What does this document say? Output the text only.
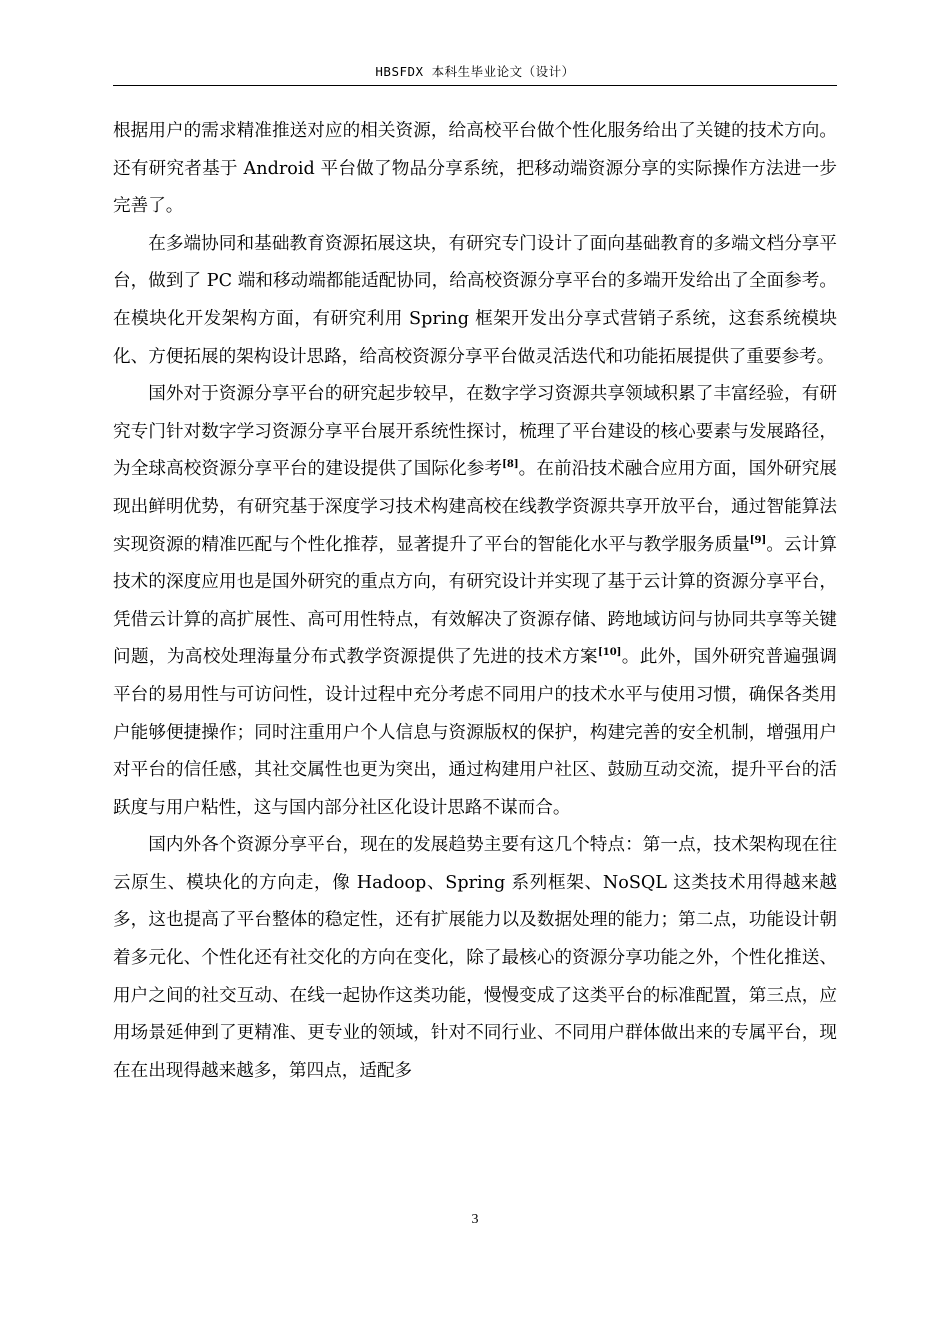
HBSFDX 本科生毕业论文（设计）

根据用户的需求精准推送对应的相关资源，给高校平台做个性化服务给出了关键的技术方向。还有研究者基于 Android 平台做了物品分享系统，把移动端资源分享的实际操作方法进一步完善了。

在多端协同和基础教育资源拓展这块，有研究专门设计了面向基础教育的多端文档分享平台，做到了 PC 端和移动端都能适配协同，给高校资源分享平台的多端开发给出了全面参考。在模块化开发架构方面，有研究利用 Spring 框架开发出分享式营销子系统，这套系统模块化、方便拓展的架构设计思路，给高校资源分享平台做灵活迭代和功能拓展提供了重要参考。

国外对于资源分享平台的研究起步较早，在数字学习资源共享领域积累了丰富经验，有研究专门针对数字学习资源分享平台展开系统性探讨，梳理了平台建设的核心要素与发展路径，为全球高校资源分享平台的建设提供了国际化参考[8]。在前沿技术融合应用方面，国外研究展现出鲜明优势，有研究基于深度学习技术构建高校在线教学资源共享开放平台，通过智能算法实现资源的精准匹配与个性化推荐，显著提升了平台的智能化水平与教学服务质量[9]。云计算技术的深度应用也是国外研究的重点方向，有研究设计并实现了基于云计算的资源分享平台，凭借云计算的高扩展性、高可用性特点，有效解决了资源存储、跨地域访问与协同共享等关键问题，为高校处理海量分布式教学资源提供了先进的技术方案[10]。此外，国外研究普遍强调平台的易用性与可访问性，设计过程中充分考虑不同用户的技术水平与使用习惯，确保各类用户能够便捷操作；同时注重用户个人信息与资源版权的保护，构建完善的安全机制，增强用户对平台的信任感，其社交属性也更为突出，通过构建用户社区、鼓励互动交流，提升平台的活跃度与用户粘性，这与国内部分社区化设计思路不谋而合。

国内外各个资源分享平台，现在的发展趋势主要有这几个特点：第一点，技术架构现在往云原生、模块化的方向走，像 Hadoop、Spring 系列框架、NoSQL 这类技术用得越来越多，这也提高了平台整体的稳定性，还有扩展能力以及数据处理的能力；第二点，功能设计朝着多元化、个性化还有社交化的方向在变化，除了最核心的资源分享功能之外，个性化推送、用户之间的社交互动、在线一起协作这类功能，慢慢变成了这类平台的标准配置，第三点，应用场景延伸到了更精准、更专业的领域，针对不同行业、不同用户群体做出来的专属平台，现在在出现得越来越多，第四点，适配多

3
